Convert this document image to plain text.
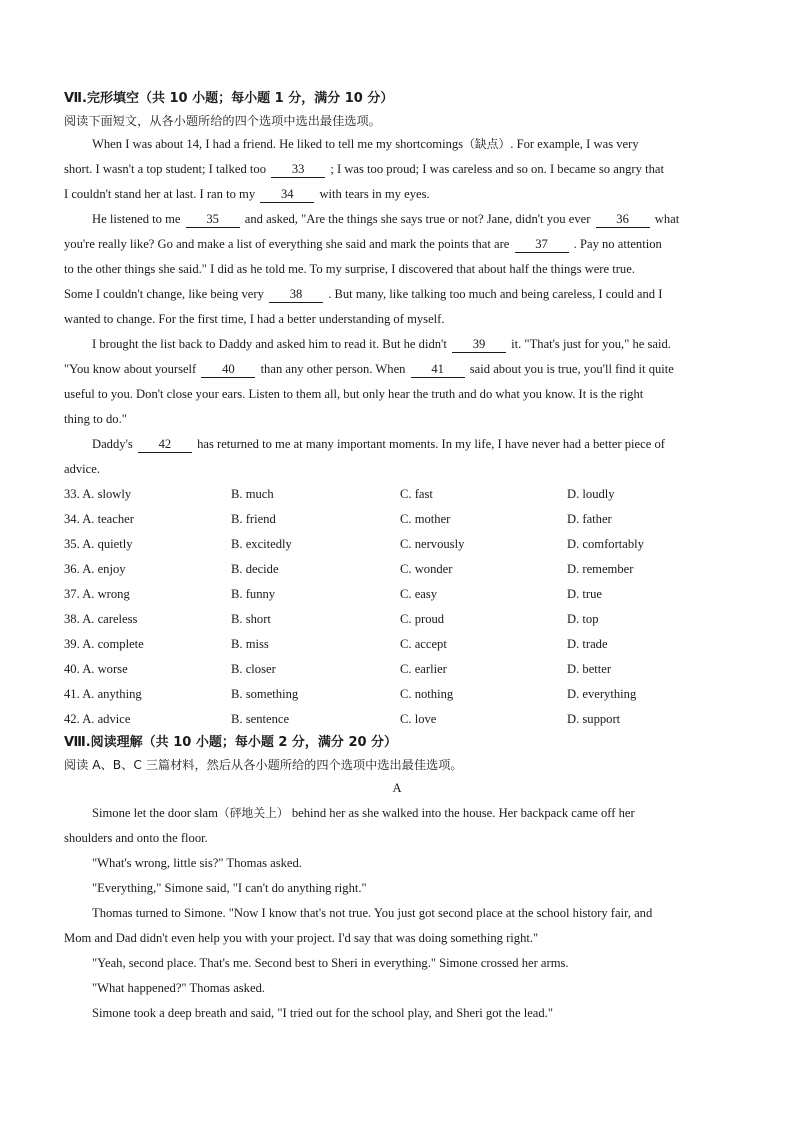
Ⅶ.完形填空（共 10 小题；每小题 1 分，满分 10 分）
阅读下面短文，从各小题所给的四个选项中选出最佳选项。
When I was about 14, I had a friend. He liked to tell me my shortcomings（缺点）. For example, I was very
short. I wasn't a top student; I talked too 33 ; I was too proud; I was careless and so on. I became so angry that
I couldn't stand her at last. I ran to my 34 with tears in my eyes.
He listened to me 35 and asked, "Are the things she says true or not? Jane, didn't you ever 36 what
you're really like? Go and make a list of everything she said and mark the points that are 37 . Pay no attention
to the other things she said." I did as he told me. To my surprise, I discovered that about half the things were true.
Some I couldn't change, like being very 38 . But many, like talking too much and being careless, I could and I
wanted to change. For the first time, I had a better understanding of myself.
I brought the list back to Daddy and asked him to read it. But he didn't 39 it. "That's just for you," he said.
"You know about yourself 40 than any other person. When 41 said about you is true, you'll find it quite
useful to you. Don't close your ears. Listen to them all, but only hear the truth and do what you know. It is the right
thing to do."
Daddy's 42 has returned to me at many important moments. In my life, I have never had a better piece of
advice.
33. A. slowly	B. much	C. fast	D. loudly
34. A. teacher	B. friend	C. mother	D. father
35. A. quietly	B. excitedly	C. nervously	D. comfortably
36. A. enjoy	B. decide	C. wonder	D. remember
37. A. wrong	B. funny	C. easy	D. true
38. A. careless	B. short	C. proud	D. top
39. A. complete	B. miss	C. accept	D. trade
40. A. worse	B. closer	C. earlier	D. better
41. A. anything	B. something	C. nothing	D. everything
42. A. advice	B. sentence	C. love	D. support
Ⅷ.阅读理解（共 10 小题；每小题 2 分，满分 20 分）
阅读 A、B、C 三篇材料，然后从各小题所给的四个选项中选出最佳选项。
A
Simone let the door slam（砰地关上） behind her as she walked into the house. Her backpack came off her
shoulders and onto the floor.
"What's wrong, little sis?" Thomas asked.
"Everything," Simone said, "I can't do anything right."
Thomas turned to Simone. "Now I know that's not true. You just got second place at the school history fair, and
Mom and Dad didn't even help you with your project. I'd say that was doing something right."
"Yeah, second place. That's me. Second best to Sheri in everything." Simone crossed her arms.
"What happened?" Thomas asked.
Simone took a deep breath and said, "I tried out for the school play, and Sheri got the lead."
